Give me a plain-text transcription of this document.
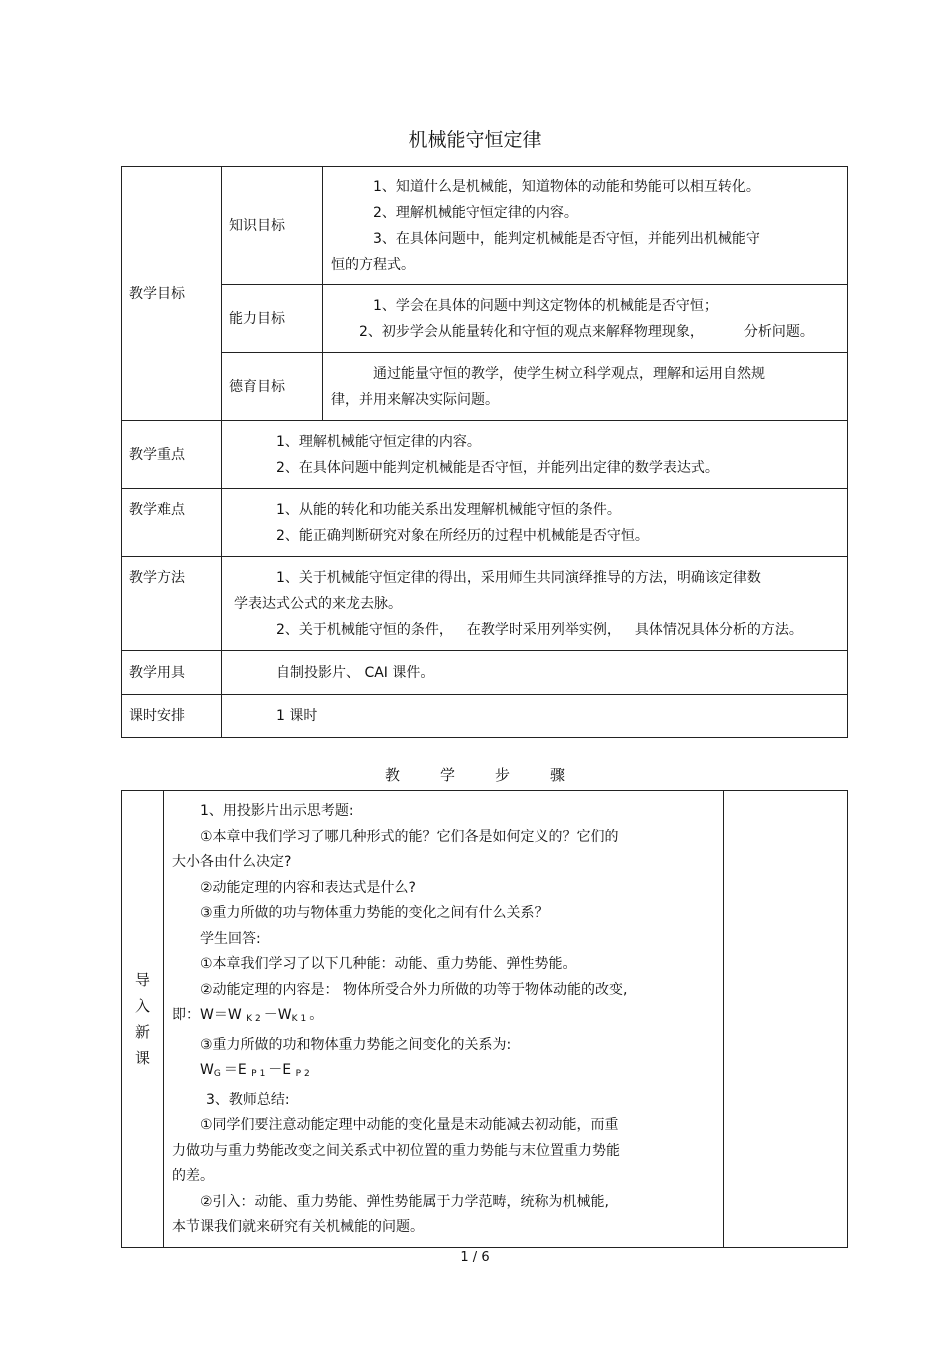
机械能守恒定律
教学目标	知识目标	1、知道什么是机械能，知道物体的动能和势能可以相互转化。
2、理解机械能守恒定律的内容。
3、在具体问题中，能判定机械能是否守恒，并能列出机械能守
恒的方程式。

	能力目标	1、学会在具体的问题中判这定物体的机械能是否守恒；
2、初步学会从能量转化和守恒的观点来解释物理现象， 分析问题。

	德育目标	通过能量守恒的教学，使学生树立科学观点，理解和运用自然规
律，并用来解决实际问题。

教学重点	1、理解机械能守恒定律的内容。
2、在具体问题中能判定机械能是否守恒，并能列出定律的数学表达式。	

教学难点	1、从能的转化和功能关系出发理解机械能守恒的条件。
2、能正确判断研究对象在所经历的过程中机械能是否守恒。	

教学方法	1、关于机械能守恒定律的得出，采用师生共同演绎推导的方法，明确该定律数
学表达式公式的来龙去脉。
2、关于机械能守恒的条件， 在教学时采用列举实例， 具体情况具体分析的方法。	

教学用具	自制投影片、 CAI 课件。	

课时安排	1 课时	
教学步骤
导
入
新
课

1、用投影片出示思考题:
①本章中我们学习了哪几种形式的能？它们各是如何定义的？它们的
大小各由什么决定?
②动能定理的内容和表达式是什么?
③重力所做的功与物体重力势能的变化之间有什么关系？
学生回答:
①本章我们学习了以下几种能：动能、重力势能、弹性势能。
②动能定理的内容是： 物体所受合外力所做的功等于物体动能的改变,
即：W＝W $_{K2}-W_{K1}$。
③重力所做的功和物体重力势能之间变化的关系为:
$W_G=E$ $_{P1}$－E $_{P2}$
3、教师总结:
①同学们要注意动能定理中动能的变化量是末动能减去初动能，而重
力做功与重力势能改变之间关系式中初位置的重力势能与末位置重力势能
的差。
②引入：动能、重力势能、弹性势能属于力学范畴，统称为机械能,
本节课我们就来研究有关机械能的问题。

1 / 6
